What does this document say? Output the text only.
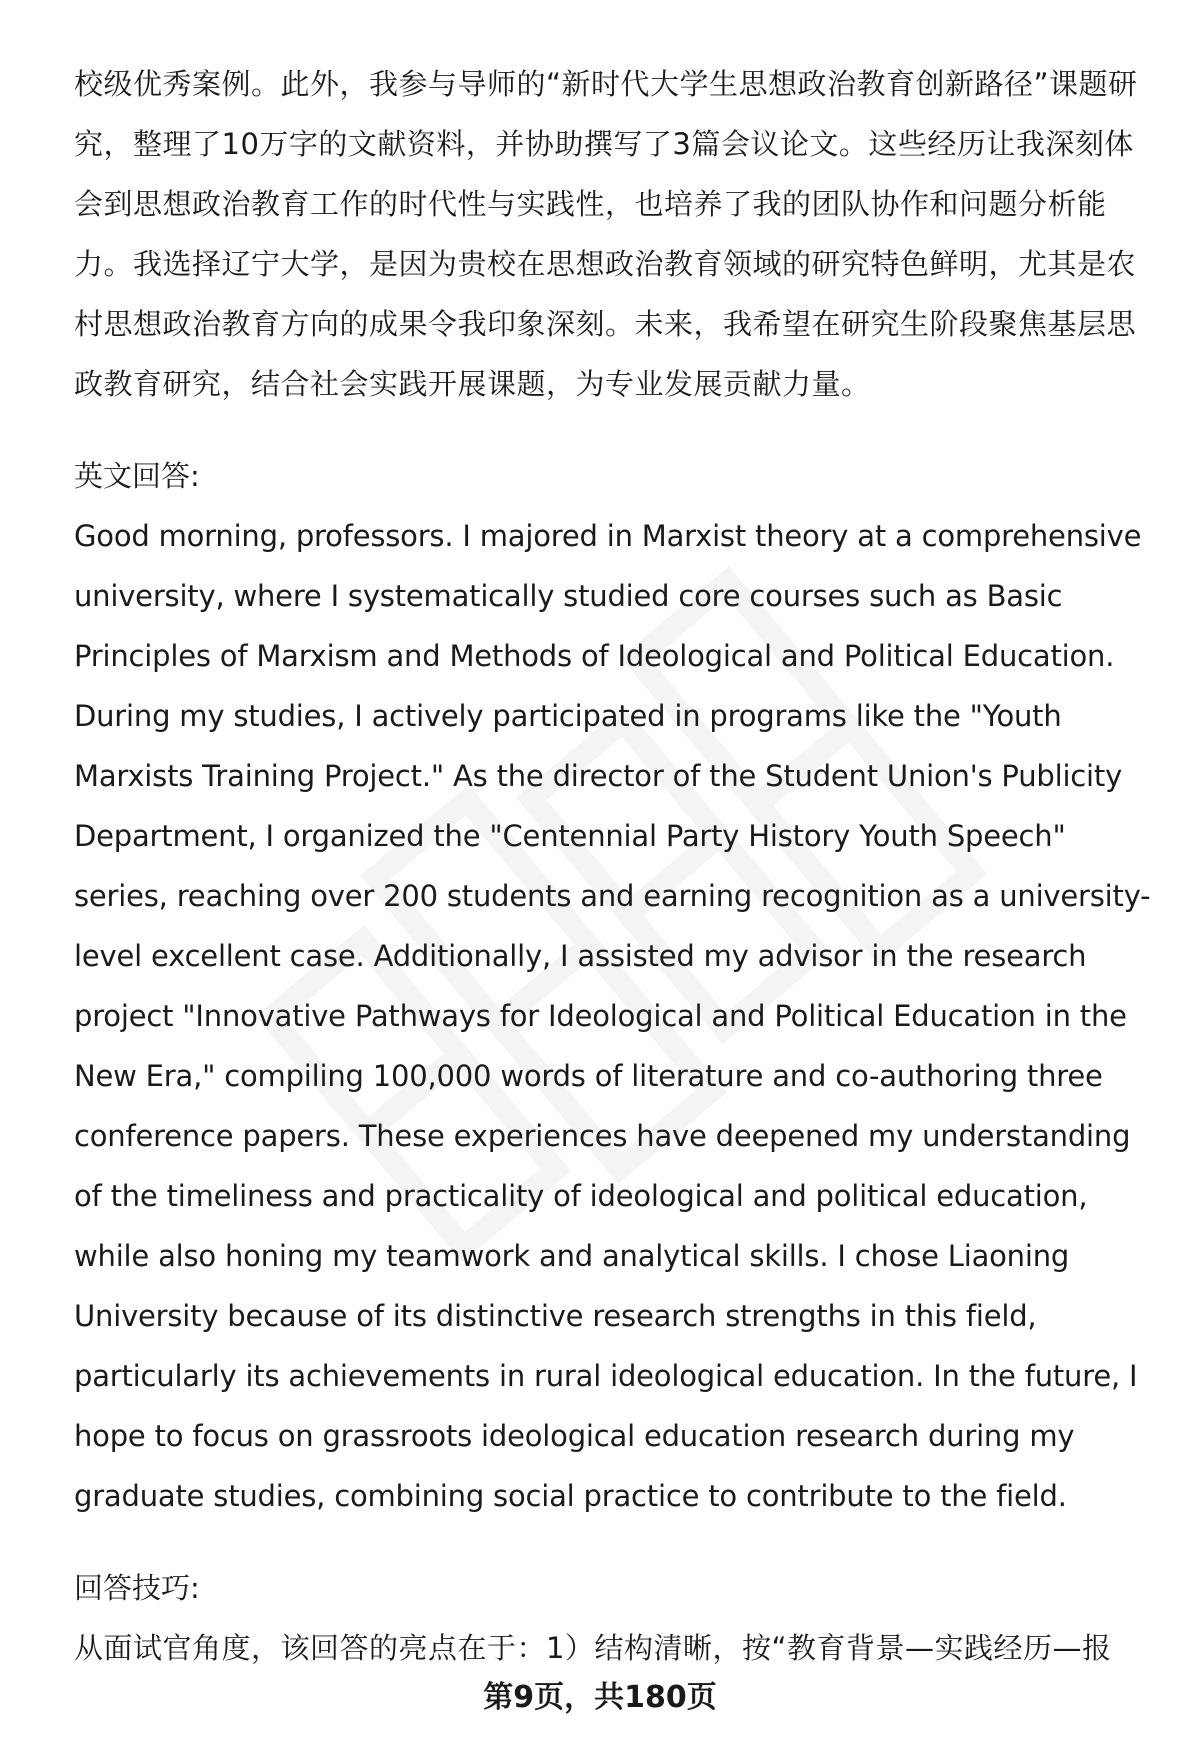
校级优秀案例。此外，我参与导师的“新时代大学生思想政治教育创新路径”课题研究，整理了10万字的文献资料，并协助撰写了3篇会议论文。这些经历让我深刻体会到思想政治教育工作的时代性与实践性，也培养了我的团队协作和问题分析能力。我选择辽宁大学，是因为贵校在思想政治教育领域的研究特色鲜明，尤其是农村思想政治教育方向的成果令我印象深刻。未来，我希望在研究生阶段聚焦基层思政教育研究，结合社会实践开展课题，为专业发展贡献力量。

英文回答:

Good morning, professors. I majored in Marxist theory at a comprehensive university, where I systematically studied core courses such as Basic Principles of Marxism and Methods of Ideological and Political Education. During my studies, I actively participated in programs like the "Youth Marxists Training Project." As the director of the Student Union's Publicity Department, I organized the "Centennial Party History Youth Speech" series, reaching over 200 students and earning recognition as a university-level excellent case. Additionally, I assisted my advisor in the research project "Innovative Pathways for Ideological and Political Education in the New Era," compiling 100,000 words of literature and co-authoring three conference papers. These experiences have deepened my understanding of the timeliness and practicality of ideological and political education, while also honing my teamwork and analytical skills. I chose Liaoning University because of its distinctive research strengths in this field, particularly its achievements in rural ideological education. In the future, I hope to focus on grassroots ideological education research during my graduate studies, combining social practice to contribute to the field.

回答技巧:

从面试官角度，该回答的亮点在于：1）结构清晰，按“教育背景—实践经历—报

第9页，共180页
